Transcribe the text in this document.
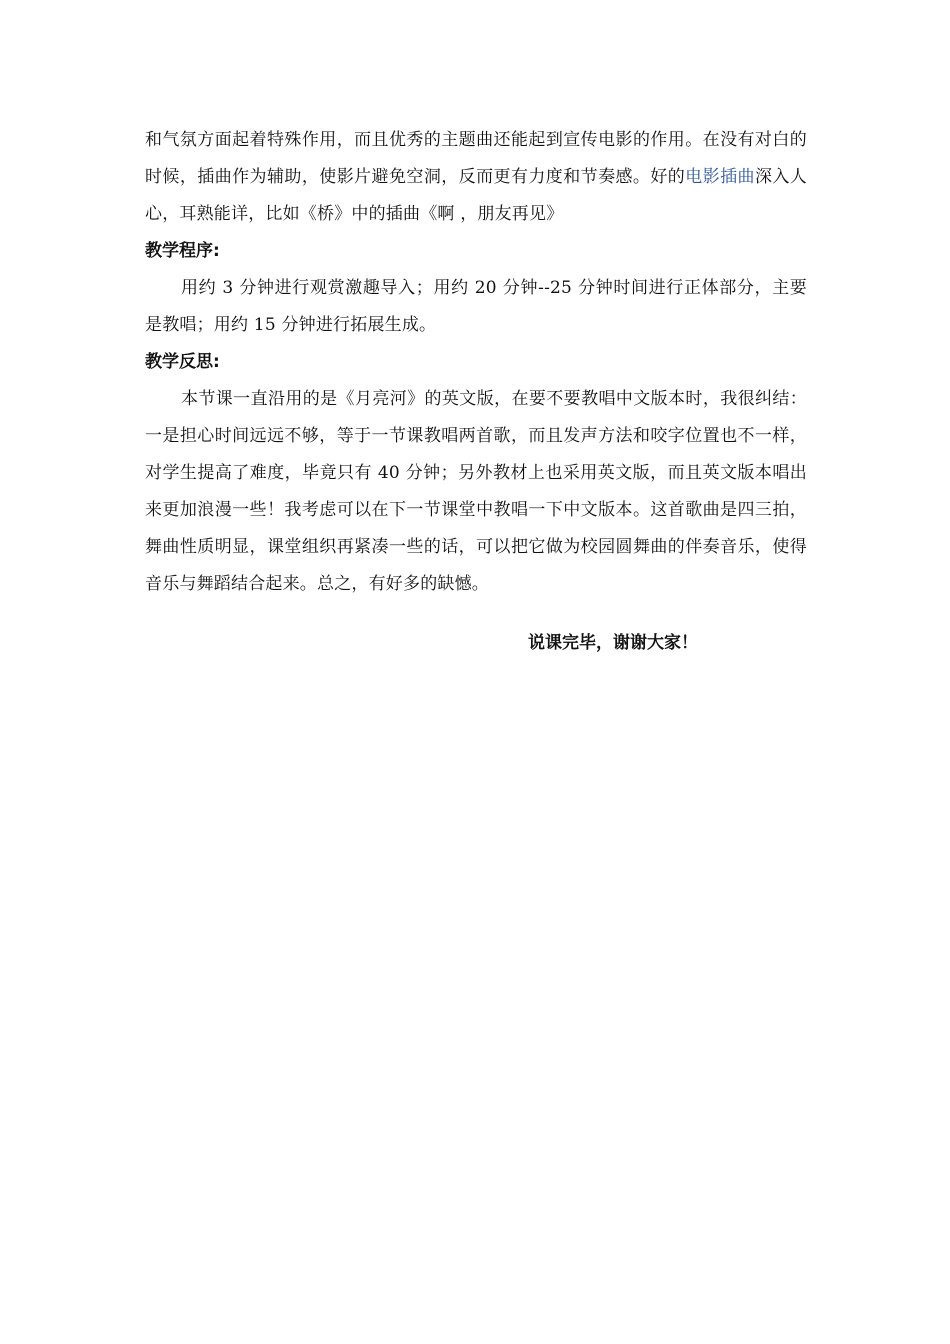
和气氛方面起着特殊作用，而且优秀的主题曲还能起到宣传电影的作用。在没有对白的时候，插曲作为辅助，使影片避免空洞，反而更有力度和节奏感。好的电影插曲深入人心，耳熟能详，比如《桥》中的插曲《啊 ，朋友再见》

教学程序:

用约 3 分钟进行观赏激趣导入；用约 20 分钟--25 分钟时间进行正体部分，主要是教唱；用约 15 分钟进行拓展生成。

教学反思:

本节课一直沿用的是《月亮河》的英文版，在要不要教唱中文版本时，我很纠结：一是担心时间远远不够，等于一节课教唱两首歌，而且发声方法和咬字位置也不一样，对学生提高了难度，毕竟只有 40 分钟；另外教材上也采用英文版，而且英文版本唱出来更加浪漫一些！我考虑可以在下一节课堂中教唱一下中文版本。这首歌曲是四三拍，舞曲性质明显，课堂组织再紧凑一些的话，可以把它做为校园圆舞曲的伴奏音乐，使得音乐与舞蹈结合起来。总之，有好多的缺憾。

说课完毕，谢谢大家！
